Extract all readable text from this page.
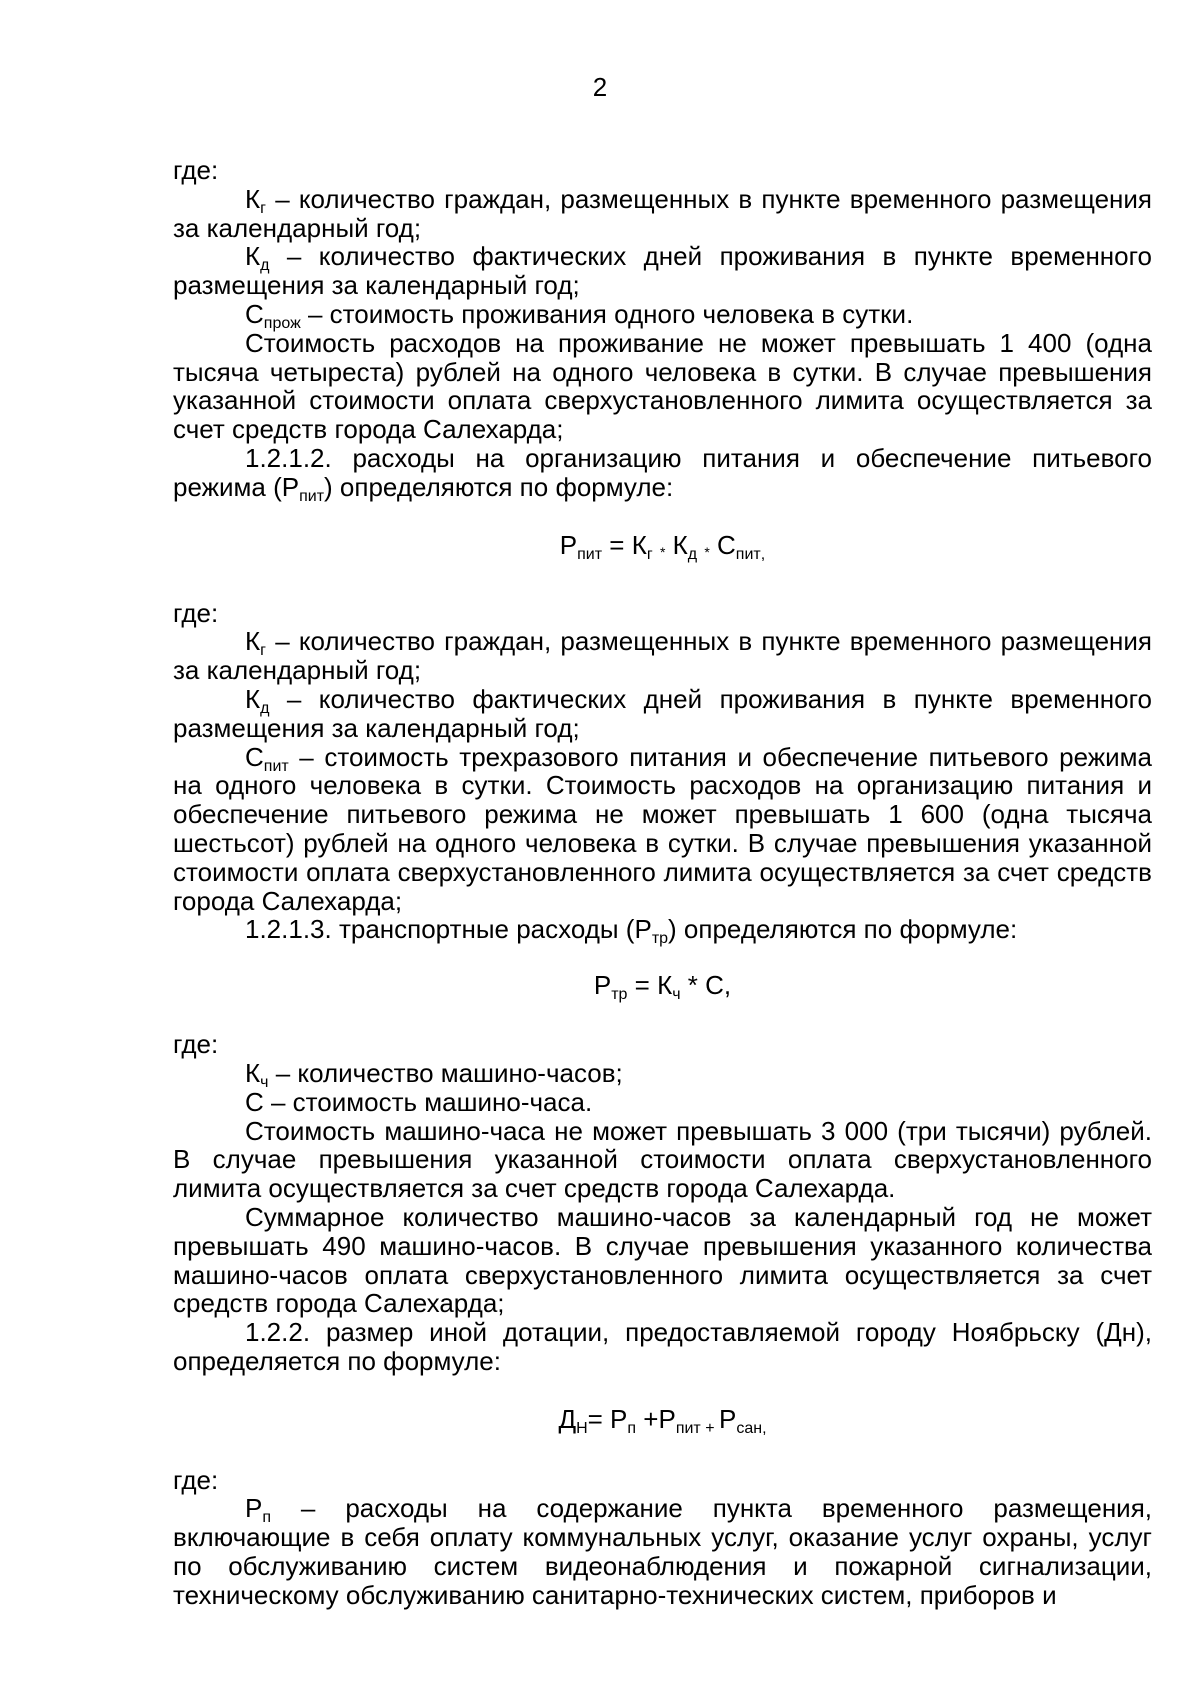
2

где:

$К_г$ – количество граждан, размещенных в пункте временного размещения за календарный год;

$К_д$ – количество фактических дней проживания в пункте временного размещения за календарный год;

$С_{прож}$ – стоимость проживания одного человека в сутки.

Стоимость расходов на проживание не может превышать 1 400 (одна тысяча четыреста) рублей на одного человека в сутки. В случае превышения указанной стоимости оплата сверхустановленного лимита осуществляется за счет средств города Салехарда;

1.2.1.2. расходы на организацию питания и обеспечение питьевого режима $(Р_{пит})$ определяются по формуле:

$Р_{пит} = К_г * К_д * С_{пит,}$

где:

$К_г$ – количество граждан, размещенных в пункте временного размещения за календарный год;

$К_д$ – количество фактических дней проживания в пункте временного размещения за календарный год;

$С_{пит}$ – стоимость трехразового питания и обеспечение питьевого режима на одного человека в сутки. Стоимость расходов на организацию питания и обеспечение питьевого режима не может превышать 1 600 (одна тысяча шестьсот) рублей на одного человека в сутки. В случае превышения указанной стоимости оплата сверхустановленного лимита осуществляется за счет средств города Салехарда;

1.2.1.3. транспортные расходы $(Р_{тр})$ определяются по формуле:

$Р_{тр} = К_ч * С$,

где:

$К_ч$ – количество машино-часов;

С – стоимость машино-часа.

Стоимость машино-часа не может превышать 3 000 (три тысячи) рублей. В случае превышения указанной стоимости оплата сверхустановленного лимита осуществляется за счет средств города Салехарда.

Суммарное количество машино-часов за календарный год не может превышать 490 машино-часов. В случае превышения указанного количества машино-часов оплата сверхустановленного лимита осуществляется за счет средств города Салехарда;

1.2.2. размер иной дотации, предоставляемой городу Ноябрьску (Дн), определяется по формуле:

$Д_Н= Р_п +Р_{пит}$ $_+$ $Р_{сан,}$

где:

$Р_п$ – расходы на содержание пункта временного размещения, включающие в себя оплату коммунальных услуг, оказание услуг охраны, услуг по обслуживанию систем видеонаблюдения и пожарной сигнализации, техническому обслуживанию санитарно-технических систем, приборов и
